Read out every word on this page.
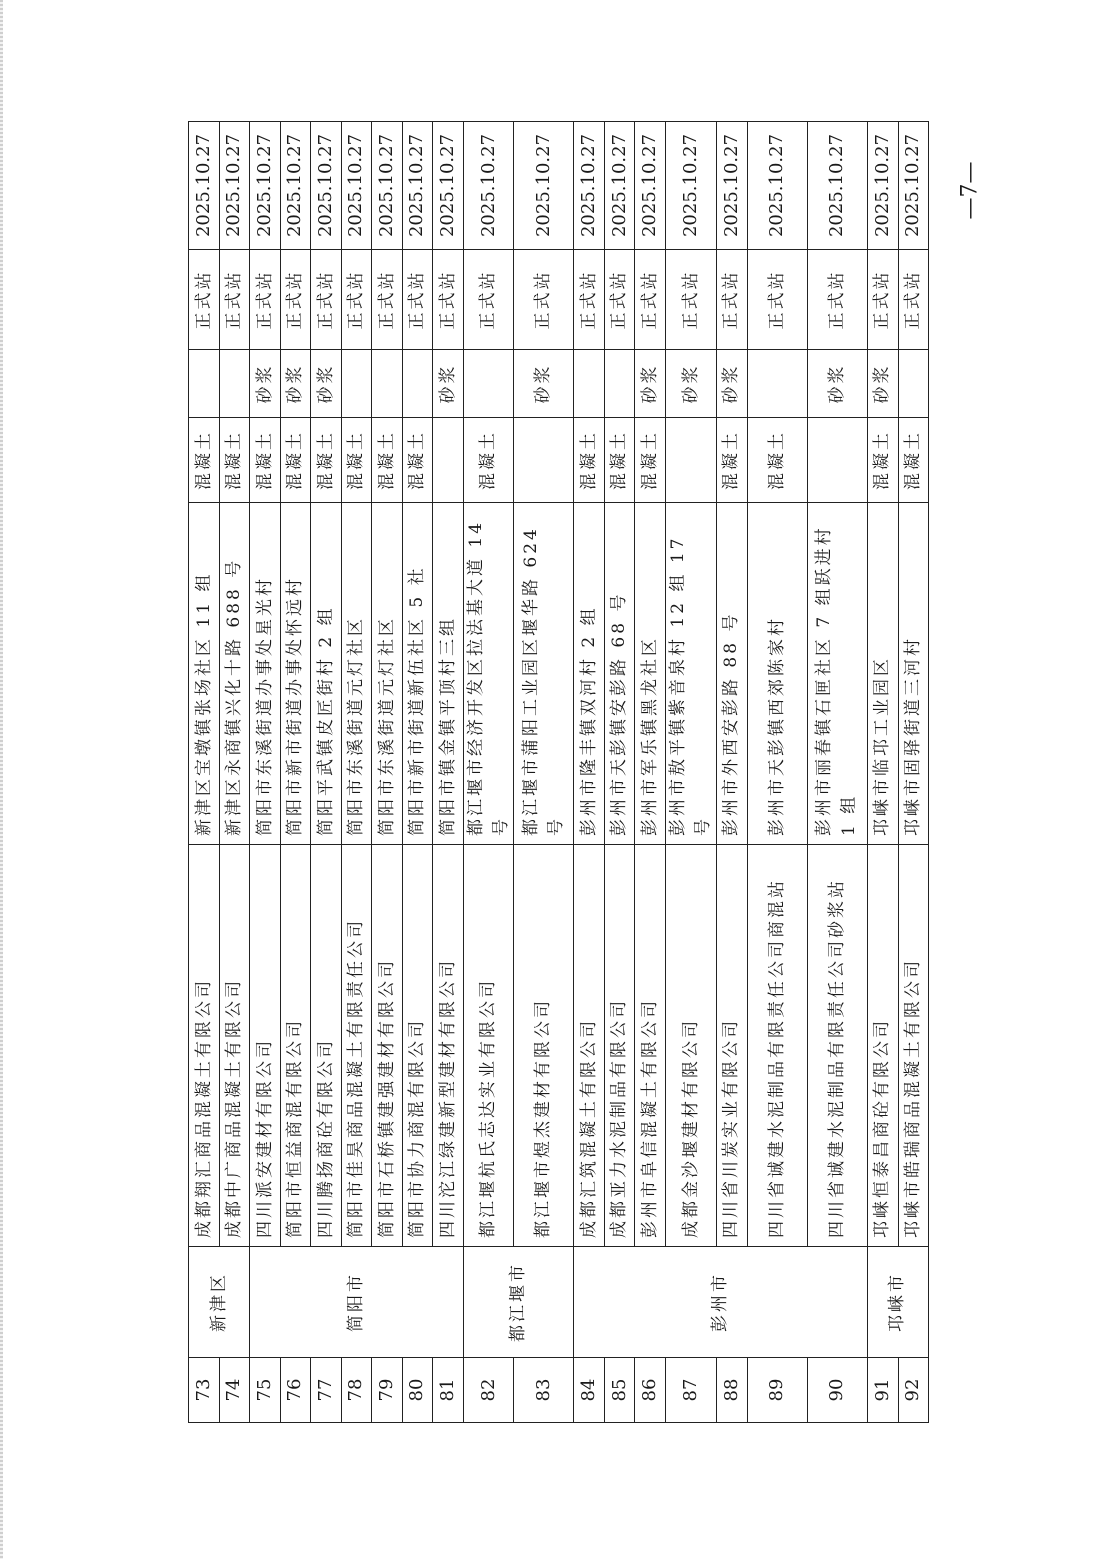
73	新津区	成都翔汇商品混凝土有限公司	新津区宝墩镇张场社区 11 组	混凝土		正式站	2025.10.27
74		成都中广商品混凝土有限公司	新津区永商镇兴化十路 688 号	混凝土		正式站	2025.10.27
75	简阳市	四川派安建材有限公司	简阳市东溪街道办事处星光村	混凝土	砂浆	正式站	2025.10.27
76		简阳市恒益商混有限公司	简阳市新市街道办事处怀远村	混凝土	砂浆	正式站	2025.10.27
77		四川腾扬商砼有限公司	简阳平武镇皮匠街村 2 组	混凝土	砂浆	正式站	2025.10.27
78		简阳市佳昊商品混凝土有限责任公司	简阳市东溪街道元灯社区	混凝土		正式站	2025.10.27
79		简阳市石桥镇建强建材有限公司	简阳市东溪街道元灯社区	混凝土		正式站	2025.10.27
80		简阳市协力商混有限公司	简阳市新市街道新伍社区 5 社	混凝土		正式站	2025.10.27
81		四川沱江绿建新型建材有限公司	简阳市镇金镇平顶村三组		砂浆	正式站	2025.10.27
82	都江堰市	都江堰杭氏志达实业有限公司	都江堰市经济开发区拉法基大道 14 号	混凝土		正式站	2025.10.27
83		都江堰市煜杰建材有限公司	都江堰市蒲阳工业园区堰华路 624 号		砂浆	正式站	2025.10.27
84	彭州市	成都汇筑混凝土有限公司	彭州市隆丰镇双河村 2 组	混凝土		正式站	2025.10.27
85		成都亚力水泥制品有限公司	彭州市天彭镇安彭路 68 号	混凝土		正式站	2025.10.27
86		彭州市阜信混凝土有限公司	彭州市军乐镇黑龙社区	混凝土	砂浆	正式站	2025.10.27
87		成都金沙堰建材有限公司	彭州市敖平镇紫音泉村 12 组 17 号		砂浆	正式站	2025.10.27
88		四川省川炭实业有限公司	彭州市外西安彭路 88 号	混凝土	砂浆	正式站	2025.10.27
89		四川省诚建水泥制品有限责任公司商混站	彭州市天彭镇西郊陈家村	混凝土		正式站	2025.10.27
90		四川省诚建水泥制品有限责任公司砂浆站	彭州市丽春镇石匣社区 7 组跃进村 1 组		砂浆	正式站	2025.10.27
91	邛崃市	邛崃恒泰昌商砼有限公司	邛崃市临邛工业园区	混凝土	砂浆	正式站	2025.10.27
92		邛崃市皓瑞商品混凝土有限公司	邛崃市固驿街道三河村	混凝土		正式站	2025.10.27 —7—
